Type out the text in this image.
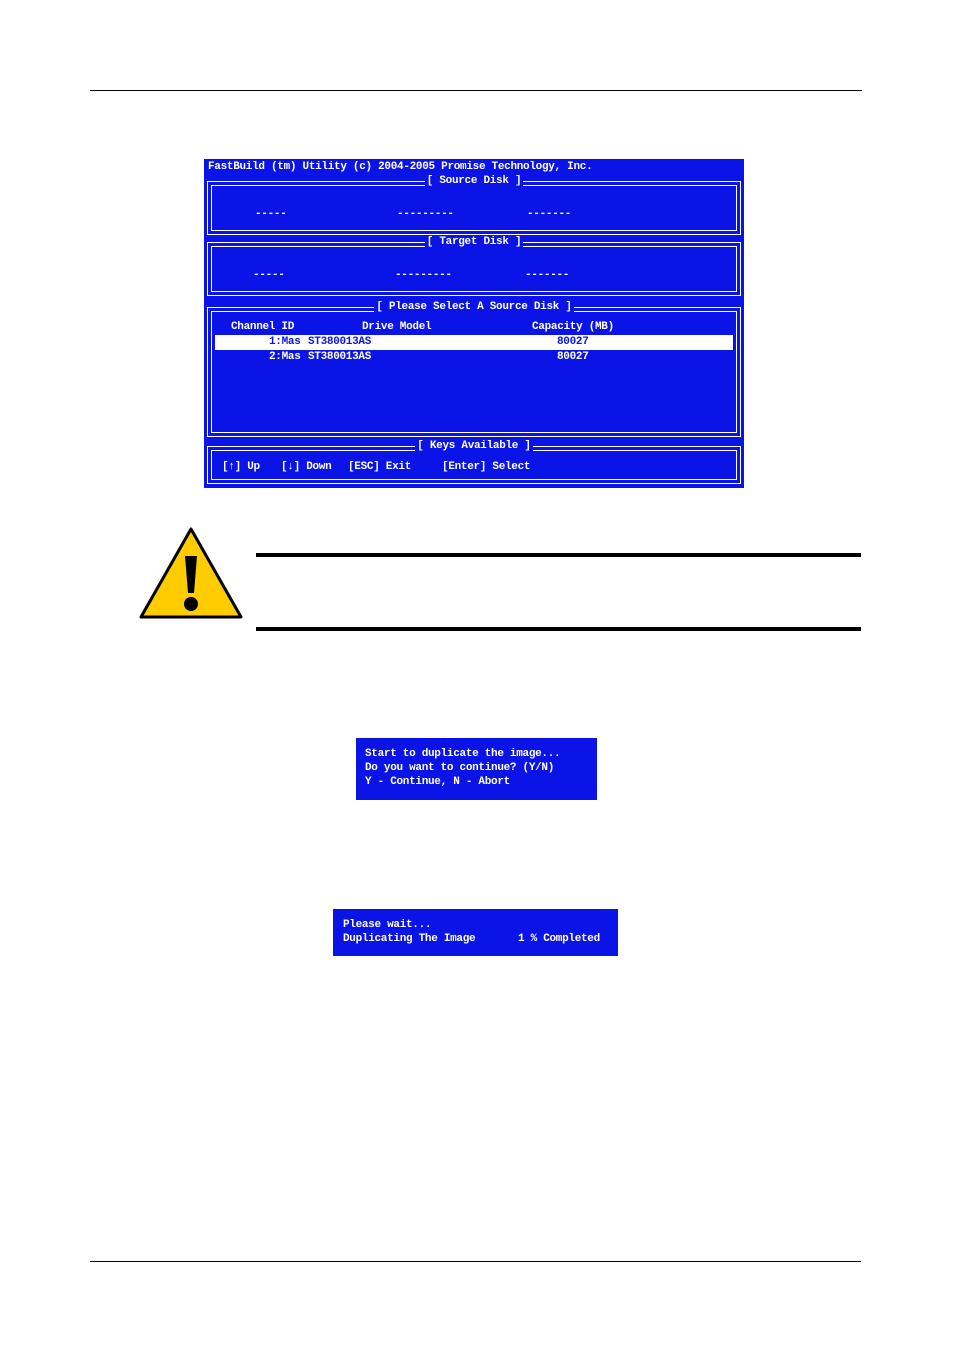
FastBuild (tm) Utility (c) 2004-2005 Promise Technology, Inc.
[ Source Disk ]
-----	---------	-------
[ Target Disk ]
-----	---------	-------
[ Please Select A Source Disk ]
Channel ID	Drive Model	Capacity (MB)
1:Mas ST380013AS	80027
2:Mas ST380013AS	80027
[ Keys Available ]
[↑] Up [↓] Down [ESC] Exit	[Enter] Select
Start to duplicate the image...
Do you want to continue? (Y/N)
Y - Continue, N - Abort
Please wait...
Duplicating The Image	1 % Completed
